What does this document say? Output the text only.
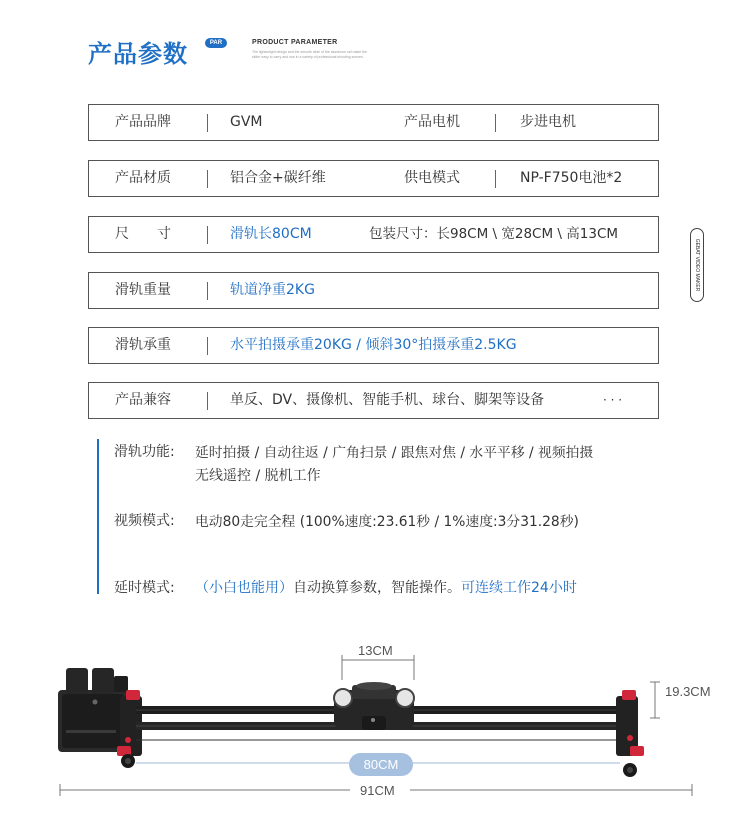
产品参数	PAR	PRODUCT PARAMETER
The lightweight design and the smooth slide of the aluminum rail make the slider easy to carry and use in a variety of professional shooting scenes.
产品品牌	GVM	产品电机	步进电机
产品材质	铝合金+碳纤维	供电模式	NP-F750电池*2
尺　　寸	滑轨长80CM	包装尺寸：长98CM \ 宽28CM \ 高13CM
滑轨重量	轨道净重2KG
滑轨承重	水平拍摄承重20KG / 倾斜30°拍摄承重2.5KG
产品兼容	单反、DV、摄像机、智能手机、球台、脚架等设备	· · ·
GEBAT VIDEO MAKER
滑轨功能: 延时拍摄 / 自动往返 / 广角扫景 / 跟焦对焦 / 水平平移 / 视频拍摄
无线遥控 / 脱机工作
视频模式: 电动80走完全程 (100%速度:23.61秒 / 1%速度:3分31.28秒)
延时模式: （小白也能用）自动换算参数，智能操作。可连续工作24小时
13CM
19.3CM
80CM
91CM
